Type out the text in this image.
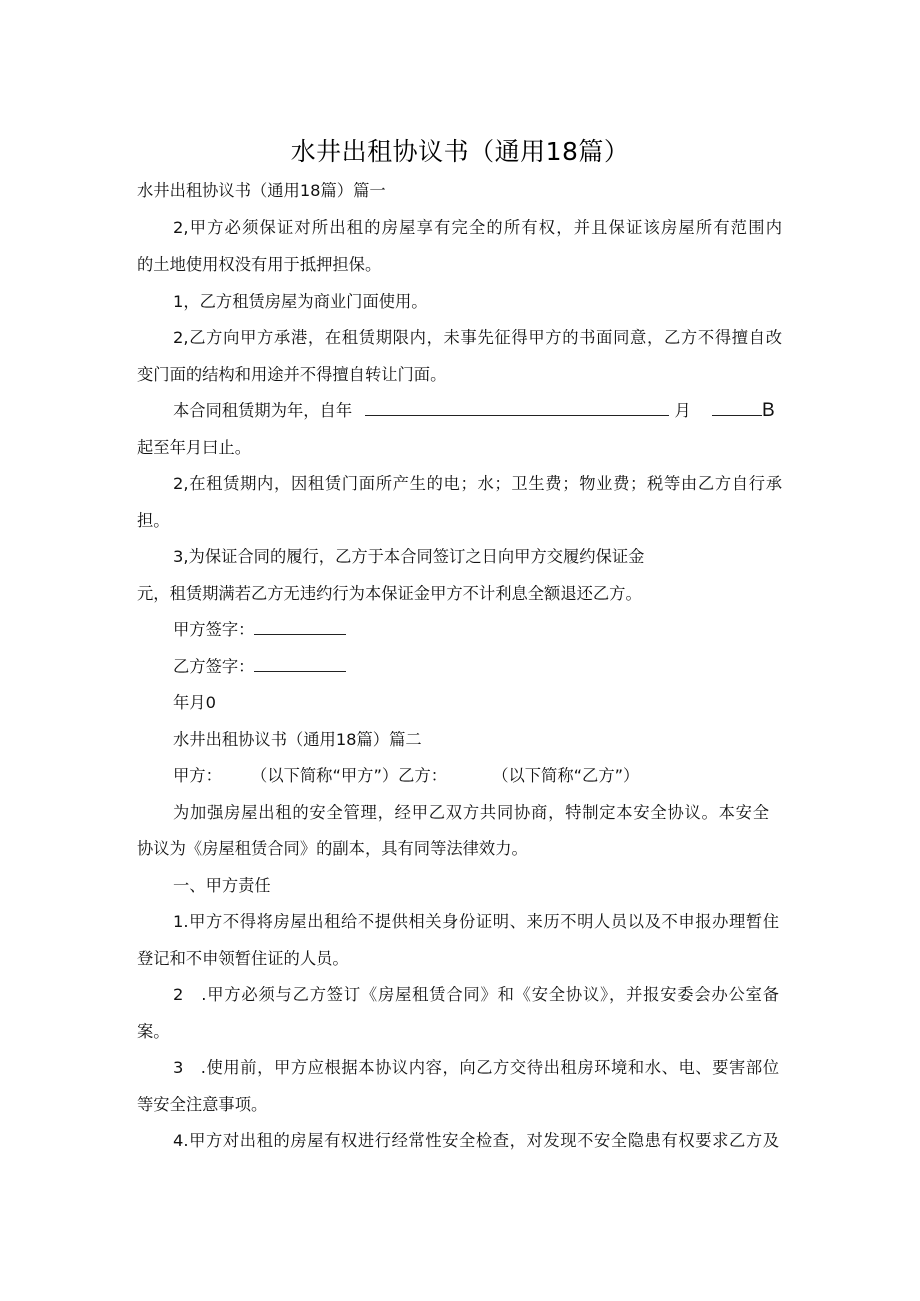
水井出租协议书（通用18篇）
水井出租协议书（通用18篇）篇一
2,甲方必须保证对所出租的房屋享有完全的所有权，并且保证该房屋所有范围内
的土地使用权没有用于抵押担保。
1，乙方租赁房屋为商业门面使用。
2,乙方向甲方承港，在租赁期限内，未事先征得甲方的书面同意，乙方不得擅自改
变门面的结构和用途并不得擅自转让门面。
本合同租赁期为年，自年	月	B
起至年月曰止。
2,在租赁期内，因租赁门面所产生的电；水；卫生费；物业费；税等由乙方自行承
担。
3,为保证合同的履行，乙方于本合同签订之日向甲方交履约保证金
元，租赁期满若乙方无违约行为本保证金甲方不计利息全额退还乙方。
甲方签字：
乙方签字：
年月0
水井出租协议书（通用18篇）篇二
甲方： （以下简称“甲方”）乙方：	（以下简称“乙方”）
为加强房屋出租的安全管理，经甲乙双方共同协商，特制定本安全协议。本安全
协议为《房屋租赁合同》的副本，具有同等法律效力。
一、甲方责任
1.甲方不得将房屋出租给不提供相关身份证明、来历不明人员以及不申报办理暂住
登记和不申领暂住证的人员。
2　.甲方必须与乙方签订《房屋租赁合同》和《安全协议》，并报安委会办公室备
案。
3　.使用前，甲方应根据本协议内容，向乙方交待出租房环境和水、电、要害部位
等安全注意事项。
4.甲方对出租的房屋有权进行经常性安全检查，对发现不安全隐患有权要求乙方及
